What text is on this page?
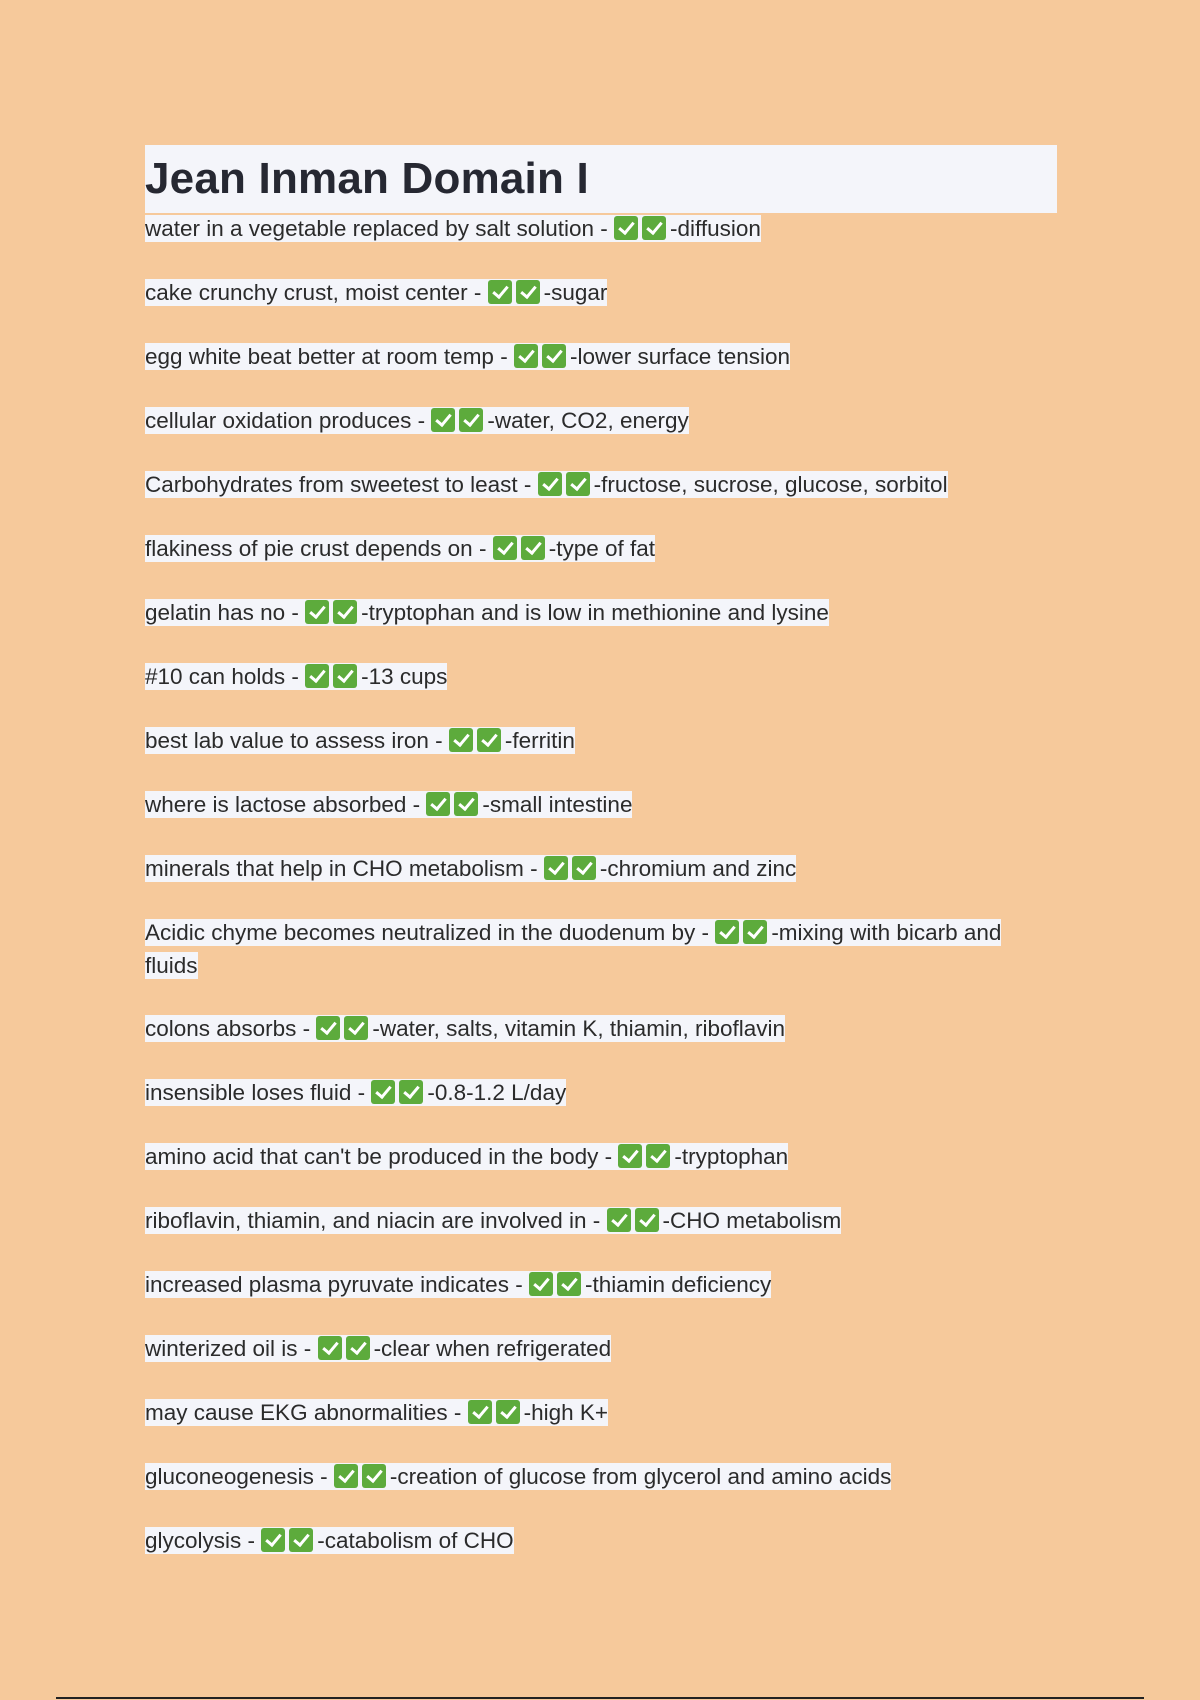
Jean Inman Domain I

water in a vegetable replaced by salt solution - -diffusion

cake crunchy crust, moist center - -sugar

egg white beat better at room temp - -lower surface tension

cellular oxidation produces - -water, CO2, energy

Carbohydrates from sweetest to least - -fructose, sucrose, glucose, sorbitol

flakiness of pie crust depends on - -type of fat

gelatin has no - -tryptophan and is low in methionine and lysine

#10 can holds - -13 cups

best lab value to assess iron - -ferritin

where is lactose absorbed - -small intestine

minerals that help in CHO metabolism - -chromium and zinc

Acidic chyme becomes neutralized in the duodenum by - -mixing with bicarb and fluids

colons absorbs - -water, salts, vitamin K, thiamin, riboflavin

insensible loses fluid - -0.8-1.2 L/day

amino acid that can't be produced in the body - -tryptophan

riboflavin, thiamin, and niacin are involved in - -CHO metabolism

increased plasma pyruvate indicates - -thiamin deficiency

winterized oil is - -clear when refrigerated

may cause EKG abnormalities - -high K+

gluconeogenesis - -creation of glucose from glycerol and amino acids

glycolysis - -catabolism of CHO
